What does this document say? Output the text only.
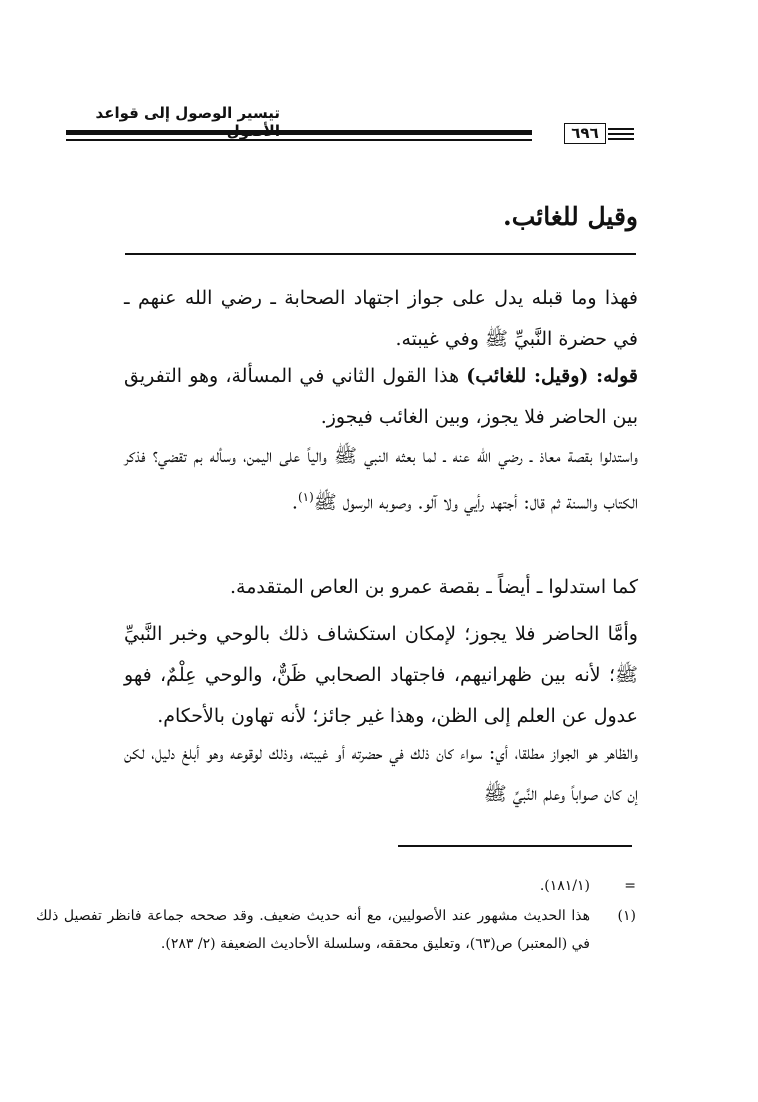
تيسير الوصول إلى قواعد
٦٩٦
وقيل للغائب.

فهذا وما قبله يدل على جواز اجتهاد الصحابة ـ رضي الله عنهم ـ في حضرة النَّبيِّ ﷺ وفي غيبته.

قوله: (وقيل: للغائب) هذا القول الثاني في المسألة، وهو التفريق بين الحاضر فلا يجوز، وبين الغائب فيجوز.

واستدلوا بقصة معاذ ـ رضي الله عنه ـ لما بعثه النبي ﷺ والياً على اليمن، وسأله بم تقضي؟ فذكر الكتاب والسنة ثم قال: أجتهد رأيي ولا آلو. وصوبه الرسول ﷺ$^{(١)}$.

كما استدلوا ـ أيضاً ـ بقصة عمرو بن العاص المتقدمة.

وأمَّا الحاضر فلا يجوز؛ لإمكان استكشاف ذلك بالوحي وخبر النَّبيِّ ﷺ؛ لأنه بين ظهرانيهم، فاجتهاد الصحابي ظَنٌّ، والوحي عِلْمٌ، فهو عدول عن العلم إلى الظن، وهذا غير جائز؛ لأنه تهاون بالأحكام.

والظاهر هو الجواز مطلقا، أي: سواء كان ذلك في حضرته أو غيبته، وذلك لوقوعه وهو أبلغ دليل، لكن إن كان صواباً وعلم النَّبيِّ ﷺ

=
(١٨١/١).
(١)
هذا الحديث مشهور عند الأصوليين، مع أنه حديث ضعيف. وقد صححه جماعة فانظر تفصيل ذلك في (المعتبر) ص(٦٣)، وتعليق محققه، وسلسلة الأحاديث الضعيفة (٢/ ٢٨٣).
